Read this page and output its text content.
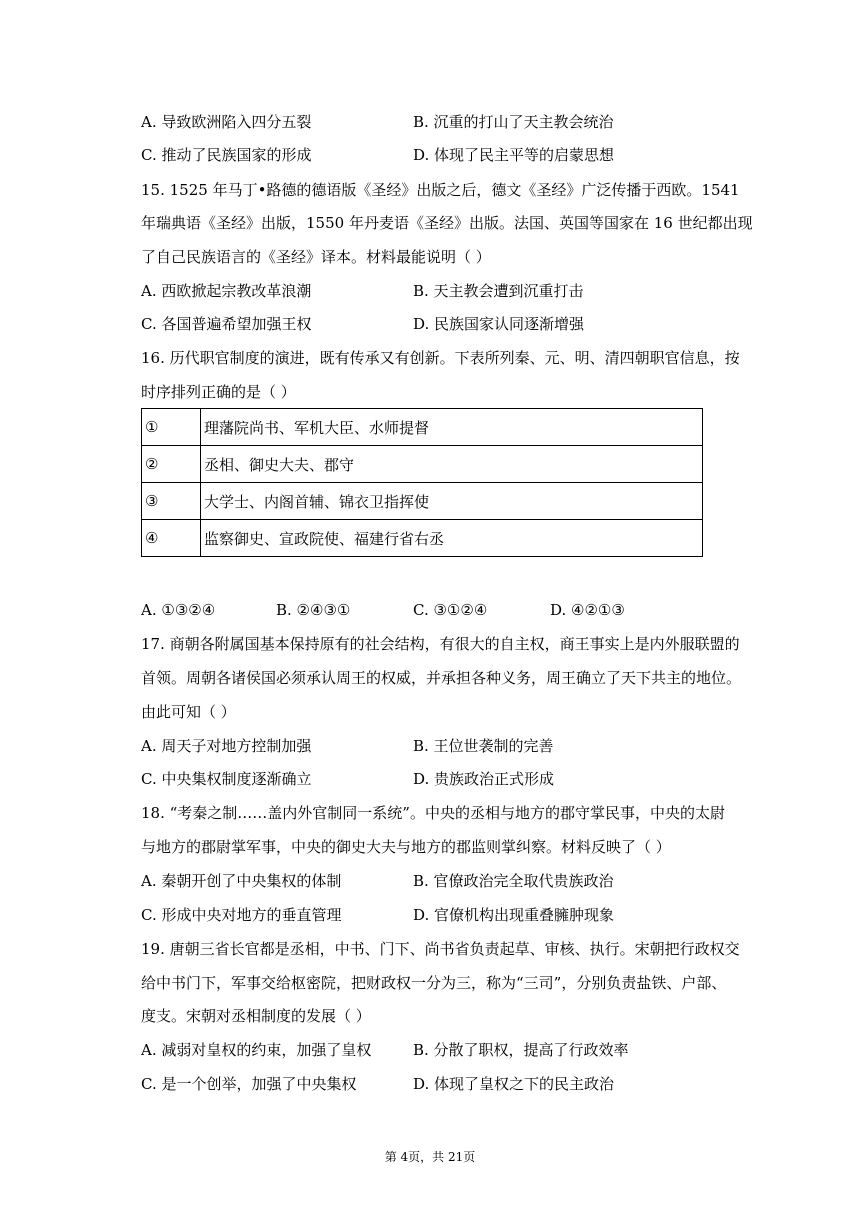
A. 导致欧洲陷入四分五裂	B. 沉重的打山了天主教会统治
C. 推动了民族国家的形成	D. 体现了民主平等的启蒙思想
15. 1525 年马丁•路德的德语版《圣经》出版之后，德文《圣经》广泛传播于西欧。1541
年瑞典语《圣经》出版，1550 年丹麦语《圣经》出版。法国、英国等国家在 16 世纪都出现
了自己民族语言的《圣经》译本。材料最能说明（ ）
A. 西欧掀起宗教改革浪潮	B. 天主教会遭到沉重打击
C. 各国普遍希望加强王权	D. 民族国家认同逐渐增强
16. 历代职官制度的演进，既有传承又有创新。下表所列秦、元、明、清四朝职官信息，按
时序排列正确的是（ ）
①	理藩院尚书、军机大臣、水师提督
②	丞相、御史大夫、郡守
③	大学士、内阁首辅、锦衣卫指挥使
④	监察御史、宣政院使、福建行省右丞
A. ①③②④	B. ②④③①	C. ③①②④	D. ④②①③
17. 商朝各附属国基本保持原有的社会结构，有很大的自主权，商王事实上是内外服联盟的
首领。周朝各诸侯国必须承认周王的权威，并承担各种义务，周王确立了天下共主的地位。
由此可知（ ）
A. 周天子对地方控制加强	B. 王位世袭制的完善
C. 中央集权制度逐渐确立	D. 贵族政治正式形成
18. “考秦之制……盖内外官制同一系统”。中央的丞相与地方的郡守掌民事，中央的太尉
与地方的郡尉掌军事，中央的御史大夫与地方的郡监则掌纠察。材料反映了（ ）
A. 秦朝开创了中央集权的体制	B. 官僚政治完全取代贵族政治
C. 形成中央对地方的垂直管理	D. 官僚机构出现重叠臃肿现象
19. 唐朝三省长官都是丞相，中书、门下、尚书省负责起草、审核、执行。宋朝把行政权交
给中书门下，军事交给枢密院，把财政权一分为三，称为“三司”，分别负责盐铁、户部、
度支。宋朝对丞相制度的发展（ ）
A. 减弱对皇权的约束，加强了皇权	B. 分散了职权，提高了行政效率
C. 是一个创举，加强了中央集权	D. 体现了皇权之下的民主政治
第 4页，共 21页
